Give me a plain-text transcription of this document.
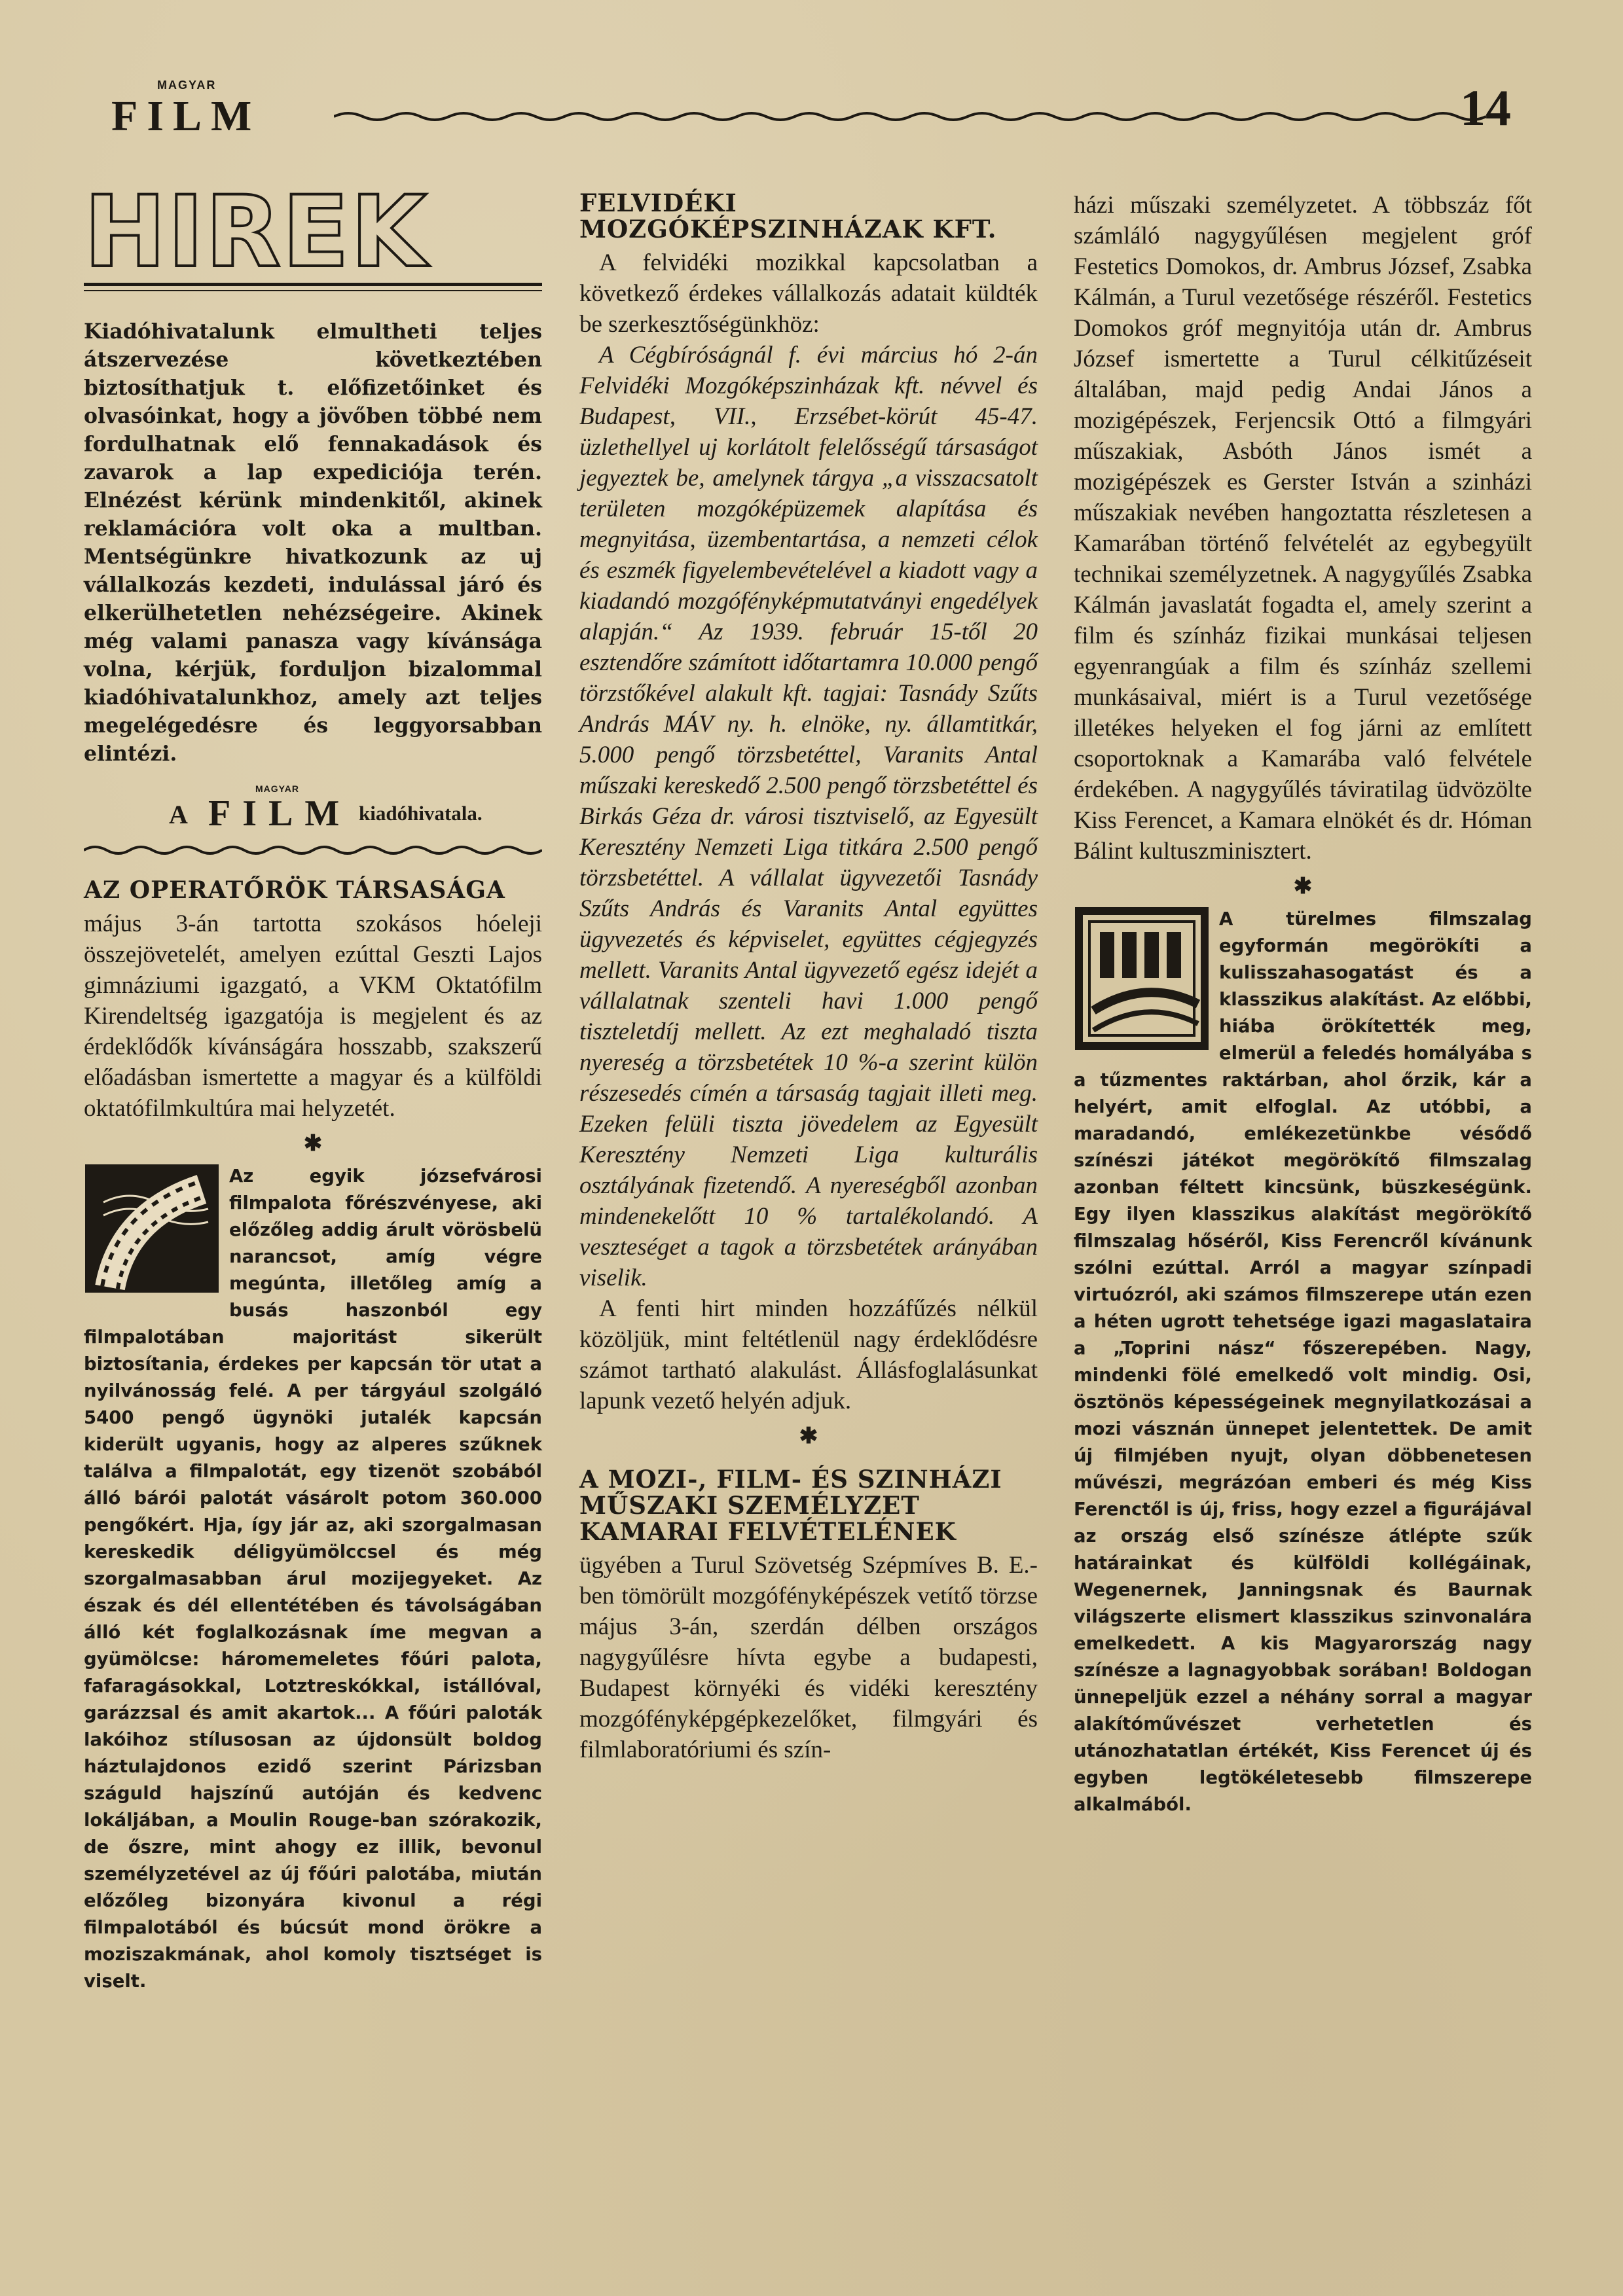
MAGYAR
FILM	14
HIREK

Kiadóhivatalunk elmultheti teljes átszervezése következtében biztosíthatjuk t. előfizetőinket és olvasóinkat, hogy a jövőben többé nem fordulhatnak elő fennakadások és zavarok a lap expediciója terén. Elnézést kérünk mindenkitől, akinek reklamációra volt oka a multban. Mentségünkre hivatkozunk az uj vállalkozás kezdeti, indulással járó és elkerülhetetlen nehézségeire. Akinek még valami panasza vagy kívánsága volna, kérjük, forduljon bizalommal kiadóhivatalunkhoz, amely azt teljes megelégedésre és leggyorsabban elintézi.

A
MAGYAR
FILM kiadóhivatala.
AZ OPERATŐRÖK TÁRSASÁGA

május 3-án tartotta szokásos hóeleji összejövetelét, amelyen ezúttal Geszti Lajos gimnáziumi igazgató, a VKM Oktatófilm Kirendeltség igazgatója is megjelent és az érdeklődők kívánságára hosszabb, szakszerű előadásban ismertette a magyar és a külföldi oktatófilmkultúra mai helyzetét.

✱

Az egyik józsefvárosi filmpalota főrészvényese, aki előzőleg addig árult vörösbelü narancsot, amíg végre megúnta, illetőleg amíg a busás haszonból egy filmpalotában majoritást sikerült biztosítania, érdekes per kapcsán tör utat a nyilvánosság felé. A per tárgyául szolgáló 5400 pengő ügynöki jutalék kapcsán kiderült ugyanis, hogy az alperes szűknek találva a filmpalotát, egy tizenöt szobából álló bárói palotát vásárolt potom 360.000 pengőkért. Hja, így jár az, aki szorgalmasan kereskedik déligyümölccsel és még szorgalmasabban árul mozijegyeket. Az észak és dél ellentétében és távolságában álló két foglalkozásnak íme megvan a gyümölcse: háromemeletes főúri palota, fafaragásokkal, Lotztreskókkal, istállóval, garázzsal és amit akartok... A főúri paloták lakóihoz stílusosan az újdonsült boldog háztulajdonos ezidő szerint Párizsban száguld hajszínű autóján és kedvenc lokáljában, a Moulin Rouge-ban szórakozik, de őszre, mint ahogy ez illik, bevonul személyzetével az új főúri palotába, miután előzőleg bizonyára kivonul a régi filmpalotából és búcsút mond örökre a moziszakmának, ahol komoly tisztséget is viselt.

FELVIDÉKI MOZGÓKÉPSZINHÁZAK KFT.

A felvidéki mozikkal kapcsolatban a következő érdekes vállalkozás adatait küldték be szerkesztőségünkhöz:

A Cégbíróságnál f. évi március hó 2-án Felvidéki Mozgóképszinházak kft. névvel és Budapest, VII., Erzsébet-körút 45-47. üzlethellyel uj korlátolt felelősségű társaságot jegyeztek be, amelynek tárgya „a visszacsatolt területen mozgóképüzemek alapítása és megnyitása, üzembentartása, a nemzeti célok és eszmék figyelembevételével a kiadott vagy a kiadandó mozgófényképmutatványi engedélyek alapján.“ Az 1939. február 15-től 20 esztendőre számított időtartamra 10.000 pengő törzstőkével alakult kft. tagjai: Tasnády Szűts András MÁV ny. h. elnöke, ny. államtitkár, 5.000 pengő törzsbetéttel, Varanits Antal műszaki kereskedő 2.500 pengő törzsbetéttel és Birkás Géza dr. városi tisztviselő, az Egyesült Keresztény Nemzeti Liga titkára 2.500 pengő törzsbetéttel. A vállalat ügyvezetői Tasnády Szűts András és Varanits Antal együttes ügyvezetés és képviselet, együttes cégjegyzés mellett. Varanits Antal ügyvezető egész idejét a vállalatnak szenteli havi 1.000 pengő tiszteletdíj mellett. Az ezt meghaladó tiszta nyereség a törzsbetétek 10 %-a szerint külön részesedés címén a társaság tagjait illeti meg. Ezeken felüli tiszta jövedelem az Egyesült Keresztény Nemzeti Liga kulturális osztályának fizetendő. A nyereségből azonban mindenekelőtt 10 % tartalékolandó. A veszteséget a tagok a törzsbetétek arányában viselik.

A fenti hirt minden hozzáfűzés nélkül közöljük, mint feltétlenül nagy érdeklődésre számot tartható alakulást. Állásfoglalásunkat lapunk vezető helyén adjuk.

✱
A MOZI-, FILM- ÉS SZINHÁZI MŰSZAKI SZEMÉLYZET KAMARAI FELVÉTELÉNEK

ügyében a Turul Szövetség Szépmíves B. E.-ben tömörült mozgófényképészek vetítő törzse május 3-án, szerdán délben országos nagygyűlésre hívta egybe a budapesti, Budapest környéki és vidéki keresztény mozgófényképgépkezelőket, filmgyári és filmlaboratóriumi és szín-

házi műszaki személyzetet. A többszáz főt számláló nagygyűlésen megjelent gróf Festetics Domokos, dr. Ambrus József, Zsabka Kálmán, a Turul vezetősége részéről. Festetics Domokos gróf megnyitója után dr. Ambrus József ismertette a Turul célkitűzéseit általában, majd pedig Andai János a mozigépészek, Ferjencsik Ottó a filmgyári műszakiak, Asbóth János ismét a mozigépészek es Gerster István a szinházi műszakiak nevében hangoztatta részletesen a Kamarában történő felvételét az egybegyült technikai személyzetnek. A nagygyűlés Zsabka Kálmán javaslatát fogadta el, amely szerint a film és színház fizikai munkásai teljesen egyenrangúak a film és színház szellemi munkásaival, miért is a Turul vezetősége illetékes helyeken el fog járni az említett csoportoknak a Kamarába való felvétele érdekében. A nagygyűlés táviratilag üdvözölte Kiss Ferencet, a Kamara elnökét és dr. Hóman Bálint kultuszminisztert.

✱

A türelmes filmszalag egyformán megörökíti a kulisszahasogatást és a klasszikus alakítást. Az előbbi, hiába örökítették meg, elmerül a feledés homályába s a tűzmentes raktárban, ahol őrzik, kár a helyért, amit elfoglal. Az utóbbi, a maradandó, emlékezetünkbe vésődő színészi játékot megörökítő filmszalag azonban féltett kincsünk, büszkeségünk. Egy ilyen klasszikus alakítást megörökítő filmszalag hőséről, Kiss Ferencről kívánunk szólni ezúttal. Arról a magyar színpadi virtuózról, aki számos filmszerepe után ezen a héten ugrott tehetsége igazi magaslataira a „Toprini nász“ főszerepében. Nagy, mindenki fölé emelkedő volt mindig. Osi, ösztönös képességeinek megnyilatkozásai a mozi vásznán ünnepet jelentettek. De amit új filmjében nyujt, olyan döbbenetesen művészi, megrázóan emberi és még Kiss Ferenctől is új, friss, hogy ezzel a figurájával az ország első színésze átlépte szűk határainkat és külföldi kollégáinak, Wegenernek, Janningsnak és Baurnak világszerte elismert klasszikus szinvonalára emelkedett. A kis Magyarország nagy színésze a lagnagyobbak sorában! Boldogan ünnepeljük ezzel a néhány sorral a magyar alakítóművészet verhetetlen és utánozhatatlan értékét, Kiss Ferencet új és egyben legtökéletesebb filmszerepe alkalmából.
